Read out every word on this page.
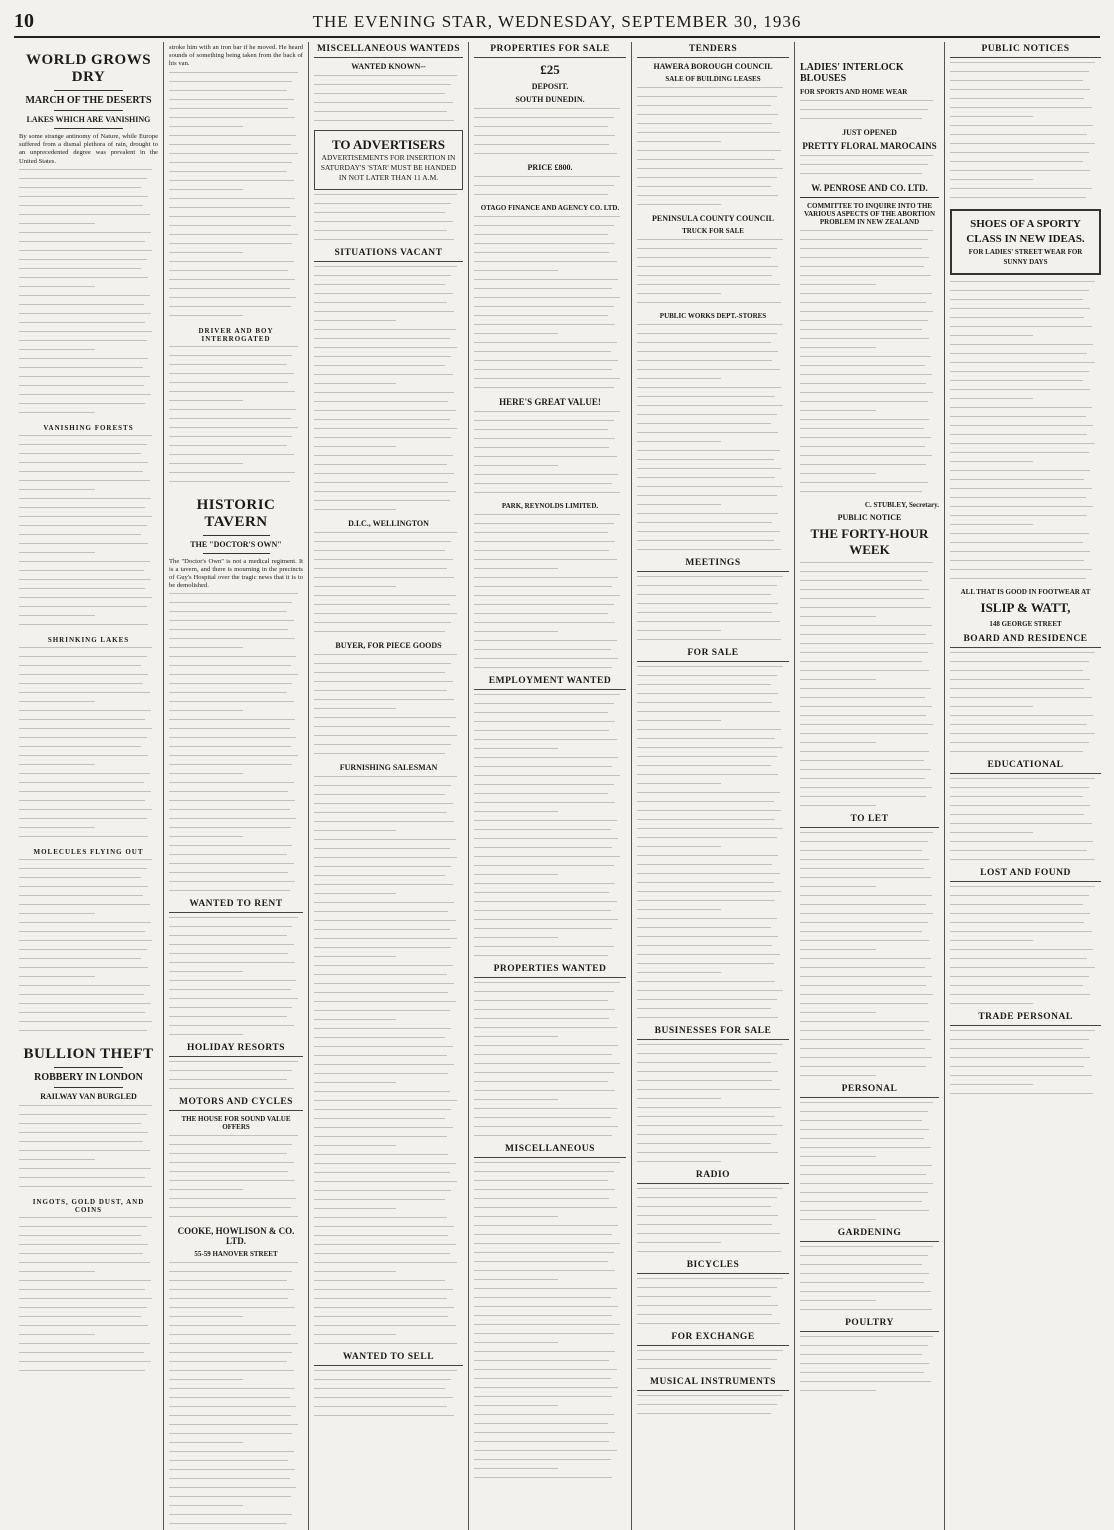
10	THE EVENING STAR, WEDNESDAY, SEPTEMBER 30, 1936
WORLD GROWS DRY
MARCH OF THE DESERTS
LAKES WHICH ARE VANISHING
By some strange antinomy of Nature, while Europe suffered from a dismal plethora of rain, drought to an unprecedented degree was prevalent in the United States.
VANISHING FORESTS
SHRINKING LAKES
MOLECULES FLYING OUT
BULLION THEFT
ROBBERY IN LONDON
RAILWAY VAN BURGLED
INGOTS, GOLD DUST, AND COINS
stroke him with an iron bar if he moved. He heard sounds of something being taken from the back of his van.
DRIVER AND BOY INTERROGATED
HISTORIC TAVERN
THE "DOCTOR'S OWN"
The "Doctor's Own" is not a medical regiment. It is a tavern, and there is mourning in the precincts of Guy's Hospital over the tragic news that it is to be demolished.
WANTED TO RENT
HOLIDAY RESORTS
MOTORS AND CYCLES
THE HOUSE FOR SOUND VALUE OFFERS
COOKE, HOWLISON & CO. LTD.
55-59 HANOVER STREET
MISCELLANEOUS WANTEDS
WANTED KNOWN--
TO ADVERTISERS
ADVERTISEMENTS FOR INSERTION IN SATURDAY'S 'STAR' MUST BE HANDED IN NOT LATER THAN 11 A.M.
SITUATIONS VACANT
D.I.C., WELLINGTON
BUYER, FOR PIECE GOODS
FURNISHING SALESMAN
WANTED TO SELL
PROPERTIES FOR SALE
£25
DEPOSIT.
SOUTH DUNEDIN.
PRICE £800.
OTAGO FINANCE AND AGENCY CO. LTD.
HERE'S GREAT VALUE!
PARK, REYNOLDS LIMITED.
EMPLOYMENT WANTED
PROPERTIES WANTED
MISCELLANEOUS
TENDERS
HAWERA BOROUGH COUNCIL
SALE OF BUILDING LEASES
PENINSULA COUNTY COUNCIL
TRUCK FOR SALE
PUBLIC WORKS DEPT.-STORES
MEETINGS
FOR SALE
BUSINESSES FOR SALE
RADIO
BICYCLES
FOR EXCHANGE
MUSICAL INSTRUMENTS
LADIES' INTERLOCK BLOUSES
FOR SPORTS AND HOME WEAR
JUST OPENED
PRETTY FLORAL MAROCAINS
W. PENROSE AND CO. LTD.
COMMITTEE TO INQUIRE INTO THE VARIOUS ASPECTS OF THE ABORTION PROBLEM IN NEW ZEALAND
C. STUBLEY, Secretary.
PUBLIC NOTICE
THE FORTY-HOUR WEEK
TO LET
PERSONAL
GARDENING
POULTRY
PUBLIC NOTICES
SHOES OF A SPORTY CLASS IN NEW IDEAS.
FOR LADIES' STREET WEAR FOR SUNNY DAYS
ALL THAT IS GOOD IN FOOTWEAR AT
ISLIP & WATT,
148 GEORGE STREET
BOARD AND RESIDENCE
EDUCATIONAL
LOST AND FOUND
TRADE PERSONAL
